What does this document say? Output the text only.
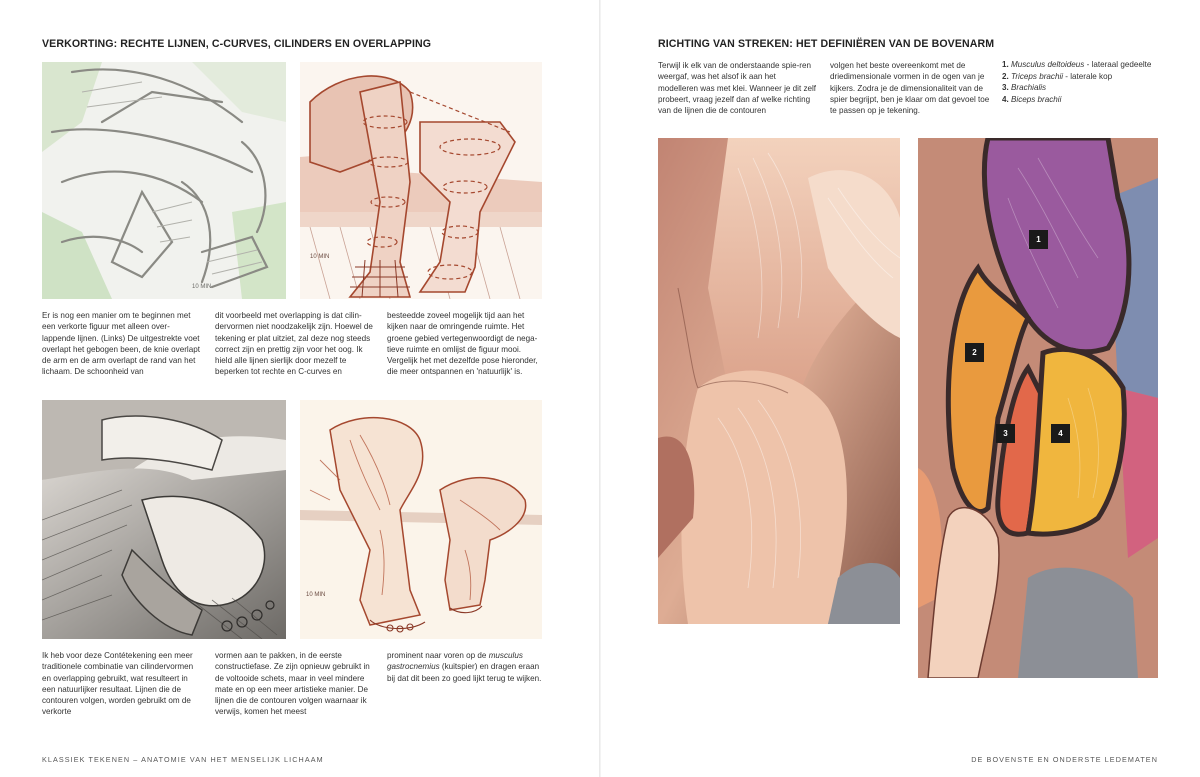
VERKORTING: RECHTE LIJNEN, C-CURVES, CILINDERS EN OVERLAPPING
10 MIN
10 MIN

Er is nog een manier om te beginnen met een verkorte figuur met alleen over-lappende lijnen. (Links) De uitgestrekte voet overlapt het gebogen been, de knie overlapt de arm en de arm overlapt de rand van het lichaam. De schoonheid van

dit voorbeeld met overlapping is dat cilin-dervormen niet noodzakelijk zijn. Hoewel de tekening er plat uitziet, zal deze nog steeds correct zijn en prettig zijn voor het oog. Ik hield alle lijnen sierlijk door mezelf te beperken tot rechte en C-curves en

besteedde zoveel mogelijk tijd aan het kijken naar de omringende ruimte. Het groene gebied vertegenwoordigt de nega-tieve ruimte en omlijst de figuur mooi. Vergelijk het met dezelfde pose hieronder, die meer ontspannen en 'natuurlijk' is.

10 MIN

Ik heb voor deze Contétekening een meer traditionele combinatie van cilindervormen en overlapping gebruikt, wat resulteert in een natuurlijker resultaat. Lijnen die de contouren volgen, worden gebruikt om de verkorte

vormen aan te pakken, in de eerste constructiefase. Ze zijn opnieuw gebruikt in de voltooide schets, maar in veel mindere mate en op een meer artistieke manier. De lijnen die de contouren volgen waarnaar ik verwijs, komen het meest

prominent naar voren op de musculus gastrocnemius (kuitspier) en dragen eraan bij dat dit been zo goed lijkt terug te wijken.

KLASSIEK TEKENEN – ANATOMIE VAN HET MENSELIJK LICHAAM
RICHTING VAN STREKEN: HET DEFINIËREN VAN DE BOVENARM

Terwijl ik elk van de onderstaande spie-ren weergaf, was het alsof ik aan het modelleren was met klei. Wanneer je dit zelf probeert, vraag jezelf dan af welke richting van de lijnen die de contouren

volgen het beste overeenkomt met de driedimensionale vormen in de ogen van je kijkers. Zodra je de dimensionaliteit van de spier begrijpt, ben je klaar om dat gevoel toe te passen op je tekening.

1. Musculus deltoideus - lateraal gedeelte
2. Triceps brachii - laterale kop
3. Brachialis
4. Biceps brachii
1
2
3	4
DE BOVENSTE EN ONDERSTE LEDEMATEN
